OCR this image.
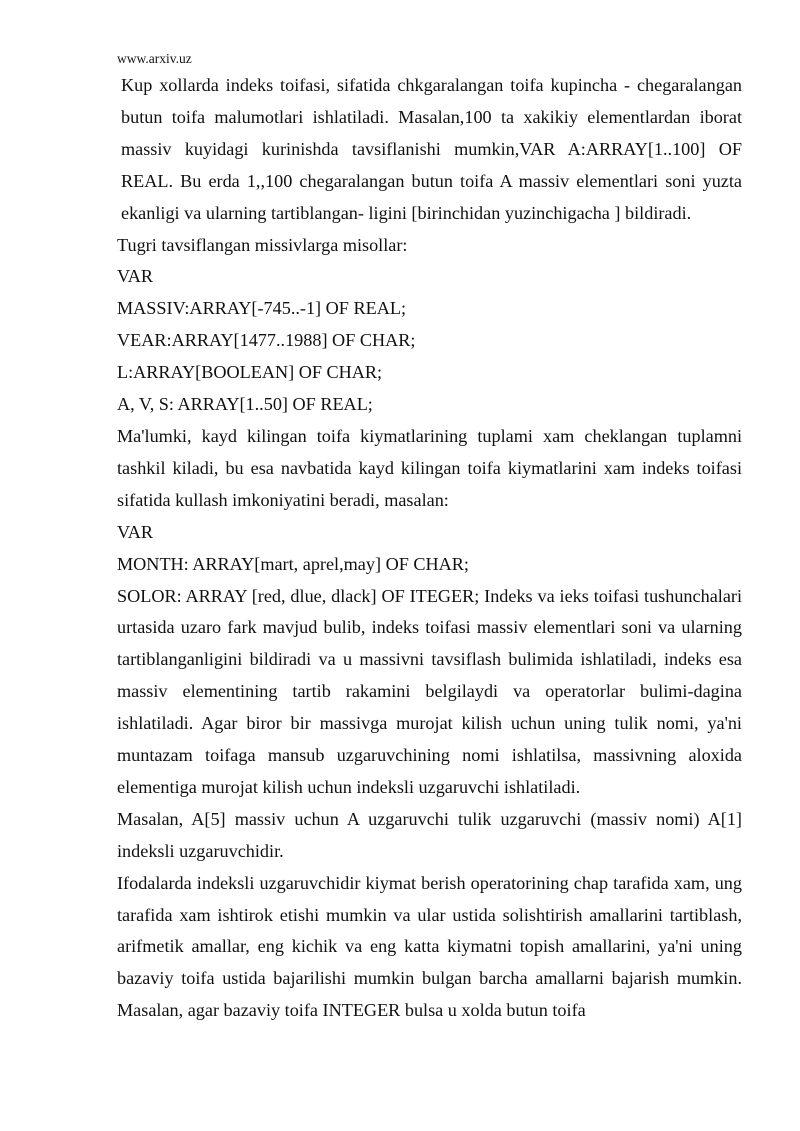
www.arxiv.uz

Kup xollarda indeks toifasi, sifatida chkgaralangan toifa kupincha - chegaralangan butun toifa malumotlari ishlatiladi. Masalan,100 ta xakikiy elementlardan iborat massiv kuyidagi kurinishda tavsiflanishi mumkin,VAR A:ARRAY[1..100] OF REAL. Bu erda 1,,100 chegaralangan butun toifa A massiv elementlari soni yuzta ekanligi va ularning tartiblangan- ligini [birinchidan yuzinchigacha ] bildiradi.

Tugri tavsiflangan missivlarga misollar:

VAR

MASSIV:ARRAY[-745..-1] OF REAL;

VEAR:ARRAY[1477..1988] OF CHAR;

L:ARRAY[BOOLEAN] OF CHAR;

A, V, S: ARRAY[1..50] OF REAL;

Ma'lumki, kayd kilingan toifa kiymatlarining tuplami xam cheklangan tuplamni tashkil kiladi, bu esa navbatida kayd kilingan toifa kiymatlarini xam indeks toifasi sifatida kullash imkoniyatini beradi, masalan:

VAR

MONTH: ARRAY[mart, aprel,may] OF CHAR;

SOLOR: ARRAY [red, dlue, dlack] OF ITEGER; Indeks va ieks toifasi tushunchalari urtasida uzaro fark mavjud bulib, indeks toifasi massiv elementlari soni va ularning tartiblanganligini bildiradi va u massivni tavsiflash bulimida ishlatiladi, indeks esa massiv elementining tartib rakamini belgilaydi va operatorlar bulimi-dagina ishlatiladi. Agar biror bir massivga murojat kilish uchun uning tulik nomi, ya'ni muntazam toifaga mansub uzgaruvchining nomi ishlatilsa, massivning aloxida elementiga murojat kilish uchun indeksli uzgaruvchi ishlatiladi.

Masalan, A[5] massiv uchun A uzgaruvchi tulik uzgaruvchi (massiv nomi) A[1] indeksli uzgaruvchidir.

Ifodalarda indeksli uzgaruvchidir kiymat berish operatorining chap tarafida xam, ung tarafida xam ishtirok etishi mumkin va ular ustida solishtirish amallarini tartiblash, arifmetik amallar, eng kichik va eng katta kiymatni topish amallarini, ya'ni uning bazaviy toifa ustida bajarilishi mumkin bulgan barcha amallarni bajarish mumkin. Masalan, agar bazaviy toifa INTEGER bulsa u xolda butun toifa
